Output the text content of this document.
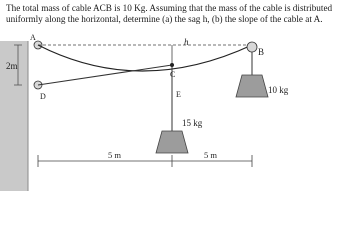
The total mass of cable ACB is 10 Kg. Assuming that the mass of the cable is distributed uniformly along the horizontal, determine (a) the sag h, (b) the slope of the cable at A.

2m
A
D
h
C
B
10 kg
E
15 kg
5 m	5 m
